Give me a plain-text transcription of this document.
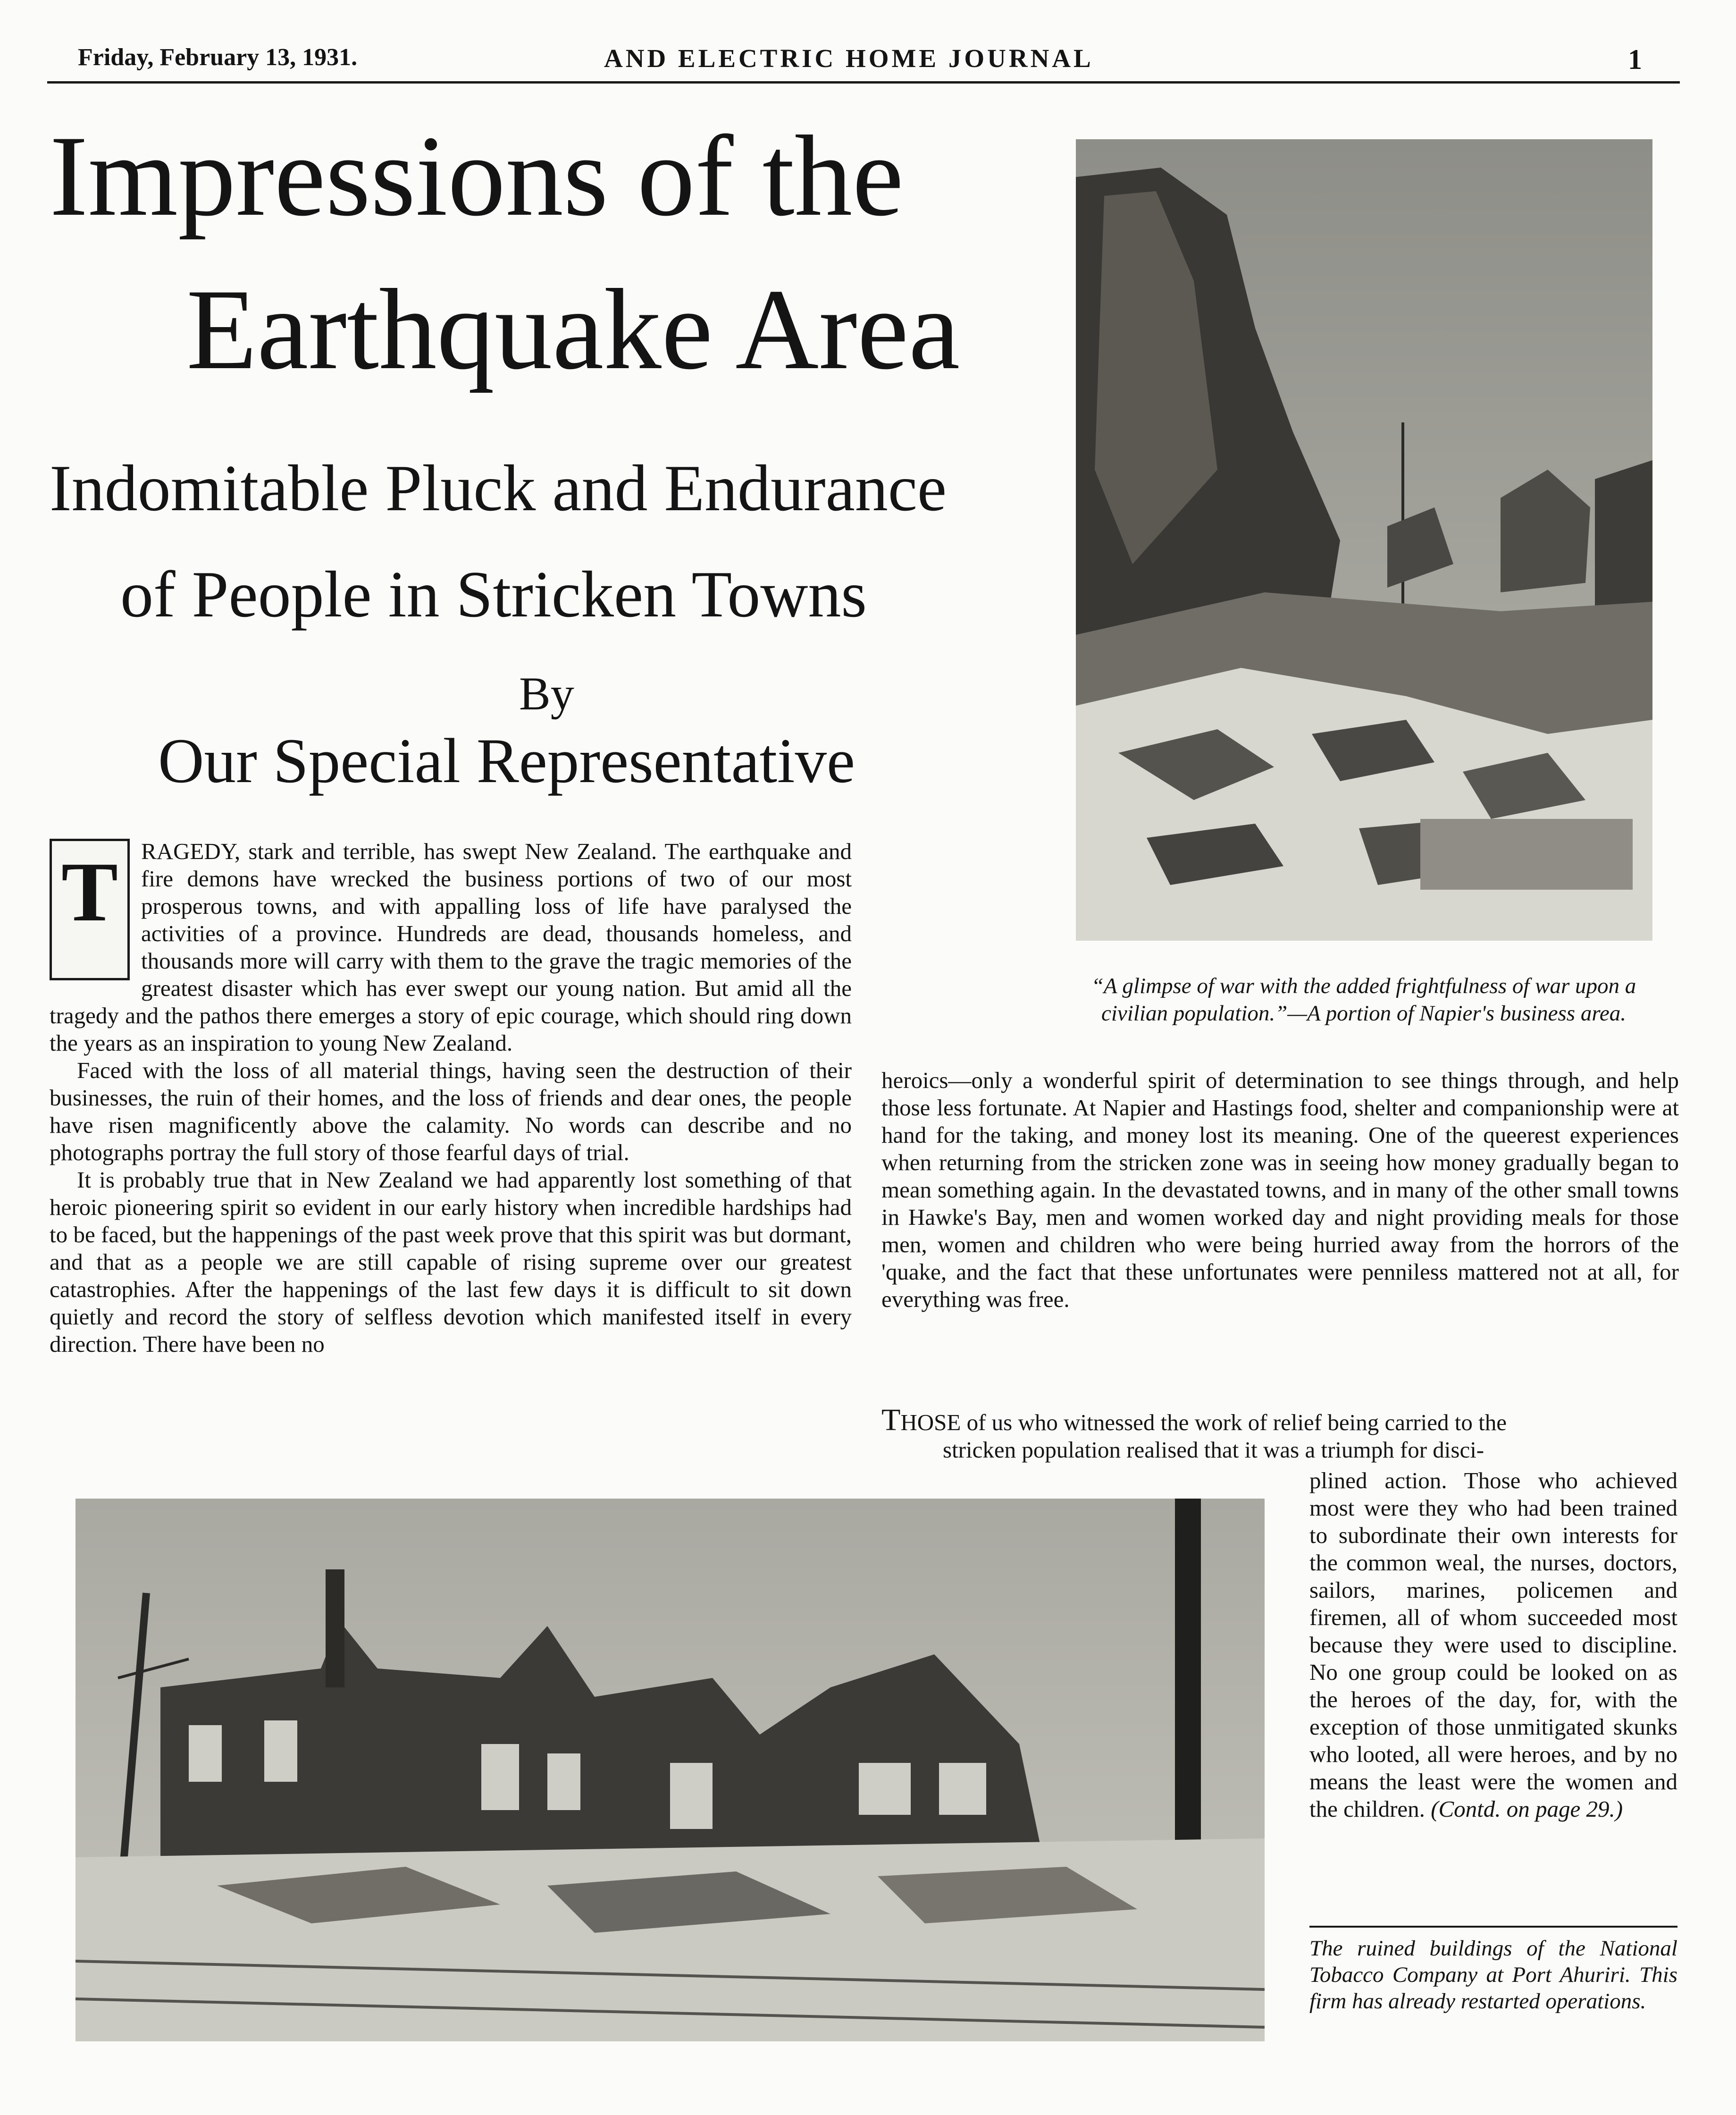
Friday, February 13, 1931.	AND ELECTRIC HOME JOURNAL	1
Impressions of the
Earthquake Area
Indomitable Pluck and Endurance
of People in Stricken Towns
By
Our Special Representative
“A glimpse of war with the added frightfulness of war upon a civilian population.”—A portion of Napier's business area.
T RAGEDY, stark and terrible, has swept New Zealand. The earthquake and fire demons have wrecked the business portions of two of our most prosperous towns, and with appalling loss of life have paralysed the activities of a province. Hundreds are dead, thousands homeless, and thousands more will carry with them to the grave the tragic memories of the greatest disaster which has ever swept our young nation. But amid all the tragedy and the pathos there emerges a story of epic courage, which should ring down the years as an inspiration to young New Zealand.

Faced with the loss of all material things, having seen the destruction of their businesses, the ruin of their homes, and the loss of friends and dear ones, the people have risen magnificently above the calamity. No words can describe and no photographs portray the full story of those fearful days of trial.

It is probably true that in New Zealand we had apparently lost something of that heroic pioneering spirit so evident in our early history when incredible hardships had to be faced, but the happenings of the past week prove that this spirit was but dormant, and that as a people we are still capable of rising supreme over our greatest catastrophies. After the happenings of the last few days it is difficult to sit down quietly and record the story of selfless devotion which manifested itself in every direction. There have been no

heroics—only a wonderful spirit of determination to see things through, and help those less fortunate. At Napier and Hastings food, shelter and companionship were at hand for the taking, and money lost its meaning. One of the queerest experiences when returning from the stricken zone was in seeing how money gradually began to mean something again. In the devastated towns, and in many of the other small towns in Hawke's Bay, men and women worked day and night providing meals for those men, women and children who were being hurried away from the horrors of the 'quake, and the fact that these unfortunates were penniless mattered not at all, for everything was free.

THOSE of us who witnessed the work of relief being carried to the
stricken population realised that it was a triumph for disci-

plined action. Those who achieved most were they who had been trained to subordinate their own interests for the common weal, the nurses, doctors, sailors, marines, policemen and firemen, all of whom succeeded most because they were used to discipline. No one group could be looked on as the heroes of the day, for, with the exception of those unmitigated skunks who looted, all were heroes, and by no means the least were the women and the children. (Contd. on page 29.)

The ruined buildings of the National Tobacco Company at Port Ahuriri. This firm has already restarted operations.
